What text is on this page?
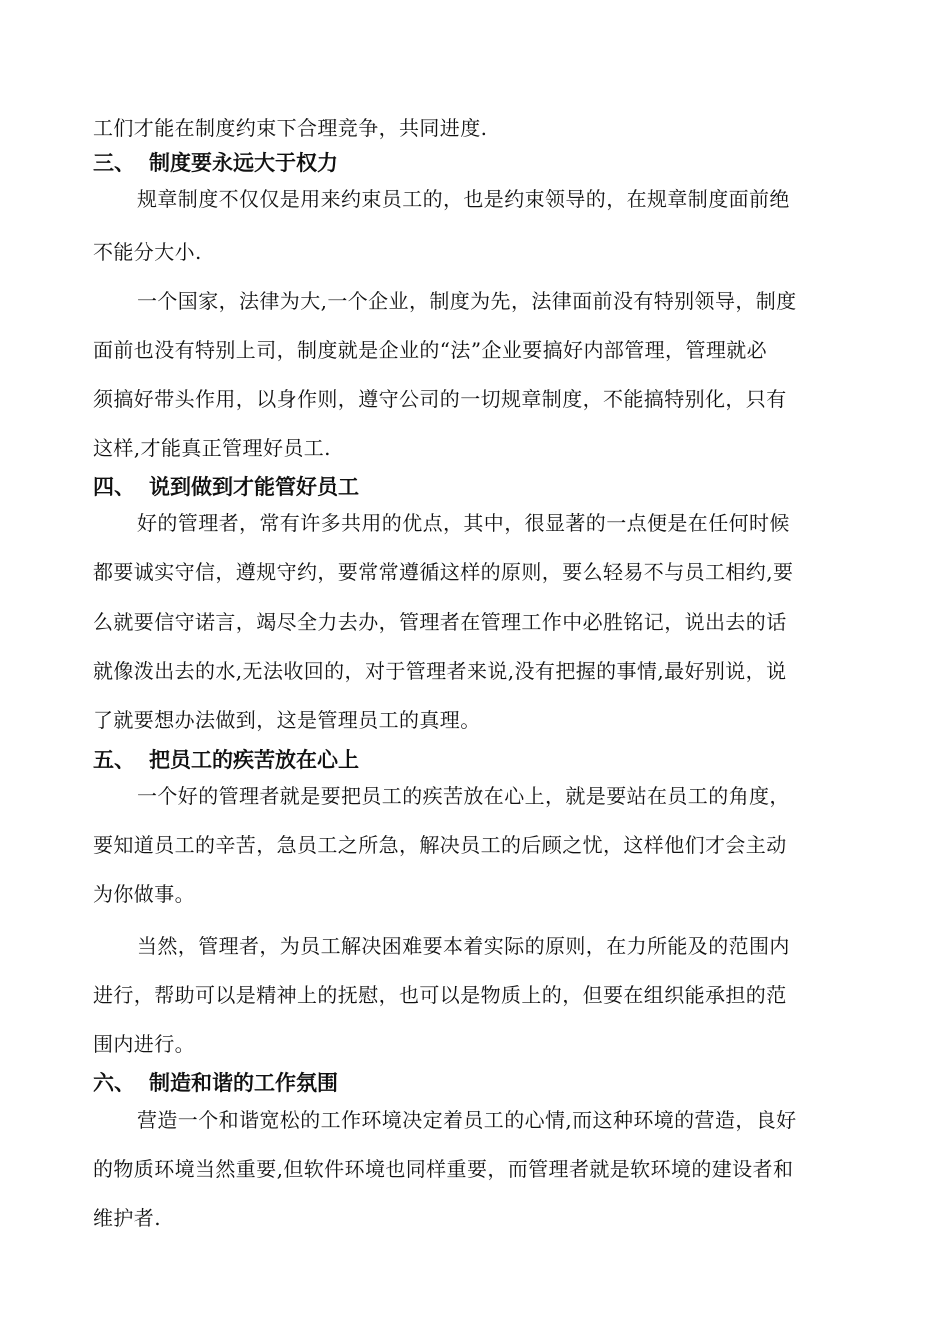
工们才能在制度约束下合理竞争，共同进度.
三、 制度要永远大于权力
规章制度不仅仅是用来约束员工的，也是约束领导的，在规章制度面前绝
不能分大小.
一个国家，法律为大,一个企业，制度为先，法律面前没有特别领导，制度
面前也没有特别上司，制度就是企业的“法”企业要搞好内部管理，管理就必
须搞好带头作用，以身作则，遵守公司的一切规章制度，不能搞特别化，只有
这样,才能真正管理好员工.
四、 说到做到才能管好员工
好的管理者，常有许多共用的优点，其中，很显著的一点便是在任何时候
都要诚实守信，遵规守约，要常常遵循这样的原则，要么轻易不与员工相约,要
么就要信守诺言，竭尽全力去办，管理者在管理工作中必胜铭记，说出去的话
就像泼出去的水,无法收回的，对于管理者来说,没有把握的事情,最好别说，说
了就要想办法做到，这是管理员工的真理。
五、 把员工的疾苦放在心上
一个好的管理者就是要把员工的疾苦放在心上，就是要站在员工的角度，
要知道员工的辛苦，急员工之所急，解决员工的后顾之忧，这样他们才会主动
为你做事。
当然，管理者，为员工解决困难要本着实际的原则，在力所能及的范围内
进行，帮助可以是精神上的抚慰，也可以是物质上的，但要在组织能承担的范
围内进行。
六、 制造和谐的工作氛围
营造一个和谐宽松的工作环境决定着员工的心情,而这种环境的营造，良好
的物质环境当然重要,但软件环境也同样重要，而管理者就是软环境的建设者和
维护者.
